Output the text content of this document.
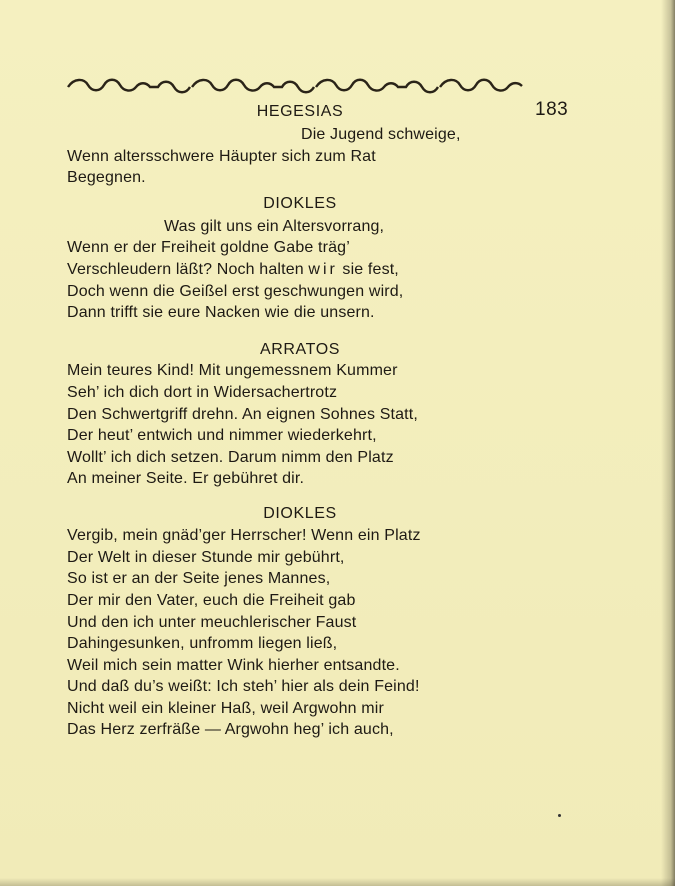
183
HEGESIAS
Die Jugend schweige,
Wenn altersschwere Häupter sich zum Rat
Begegnen.
DIOKLES
Was gilt uns ein Altersvorrang,
Wenn er der Freiheit goldne Gabe träg’
Verschleudern läßt? Noch halten wir sie fest,
Doch wenn die Geißel erst geschwungen wird,
Dann trifft sie eure Nacken wie die unsern.
ARRATOS
Mein teures Kind! Mit ungemessnem Kummer
Seh’ ich dich dort in Widersachertrotz
Den Schwertgriff drehn. An eignen Sohnes Statt,
Der heut’ entwich und nimmer wiederkehrt,
Wollt’ ich dich setzen. Darum nimm den Platz
An meiner Seite. Er gebühret dir.
DIOKLES
Vergib, mein gnäd’ger Herrscher! Wenn ein Platz
Der Welt in dieser Stunde mir gebührt,
So ist er an der Seite jenes Mannes,
Der mir den Vater, euch die Freiheit gab
Und den ich unter meuchlerischer Faust
Dahingesunken, unfromm liegen ließ,
Weil mich sein matter Wink hierher entsandte.
Und daß du’s weißt: Ich steh’ hier als dein Feind!
Nicht weil ein kleiner Haß, weil Argwohn mir
Das Herz zerfräße — Argwohn heg’ ich auch,
